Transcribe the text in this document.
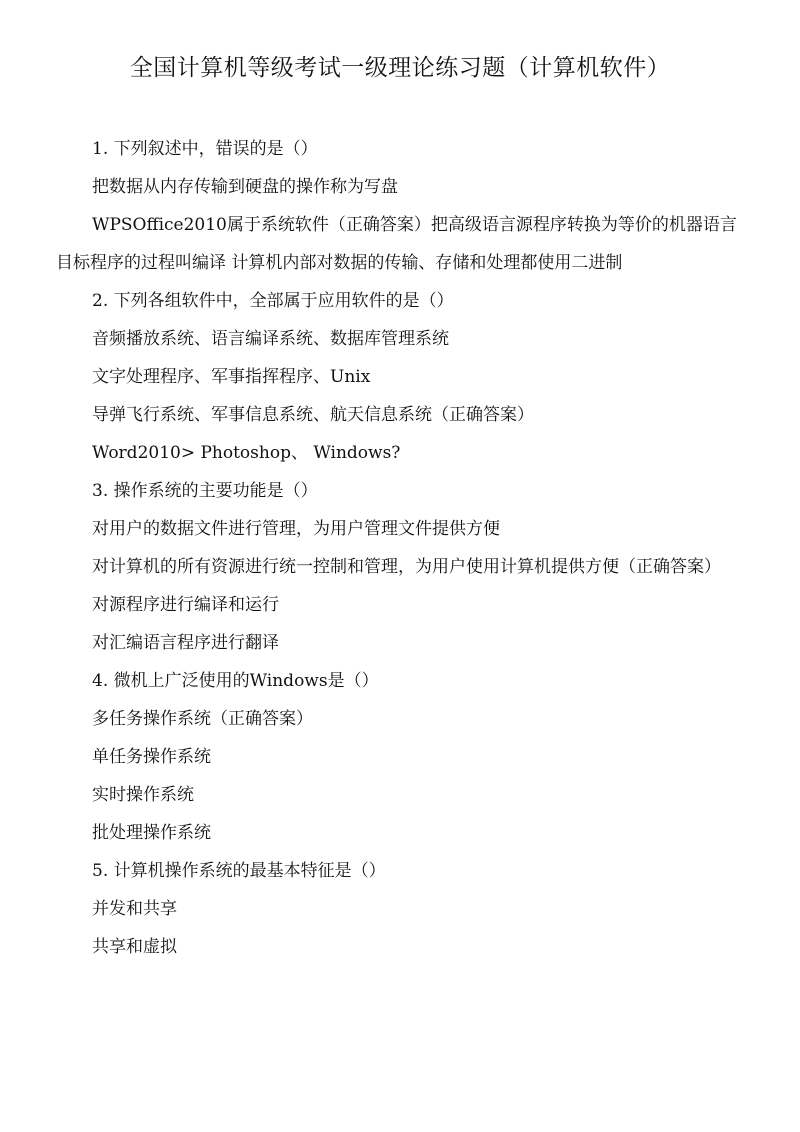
全国计算机等级考试一级理论练习题（计算机软件）

1. 下列叙述中，错误的是（）

把数据从内存传输到硬盘的操作称为写盘

WPSOffice2010属于系统软件（正确答案）把高级语言源程序转换为等价的机器语言目标程序的过程叫编译 计算机内部对数据的传输、存储和处理都使用二进制

2. 下列各组软件中，全部属于应用软件的是（）

音频播放系统、语言编译系统、数据库管理系统

文字处理程序、军事指挥程序、Unix

导弹飞行系统、军事信息系统、航天信息系统（正确答案）

Word2010> Photoshop、 Windows?

3. 操作系统的主要功能是（）

对用户的数据文件进行管理，为用户管理文件提供方便

对计算机的所有资源进行统一控制和管理，为用户使用计算机提供方便（正确答案）

对源程序进行编译和运行

对汇编语言程序进行翻译

4. 微机上广泛使用的Windows是（）

多任务操作系统（正确答案）

单任务操作系统

实时操作系统

批处理操作系统

5. 计算机操作系统的最基本特征是（）

并发和共享

共享和虚拟
